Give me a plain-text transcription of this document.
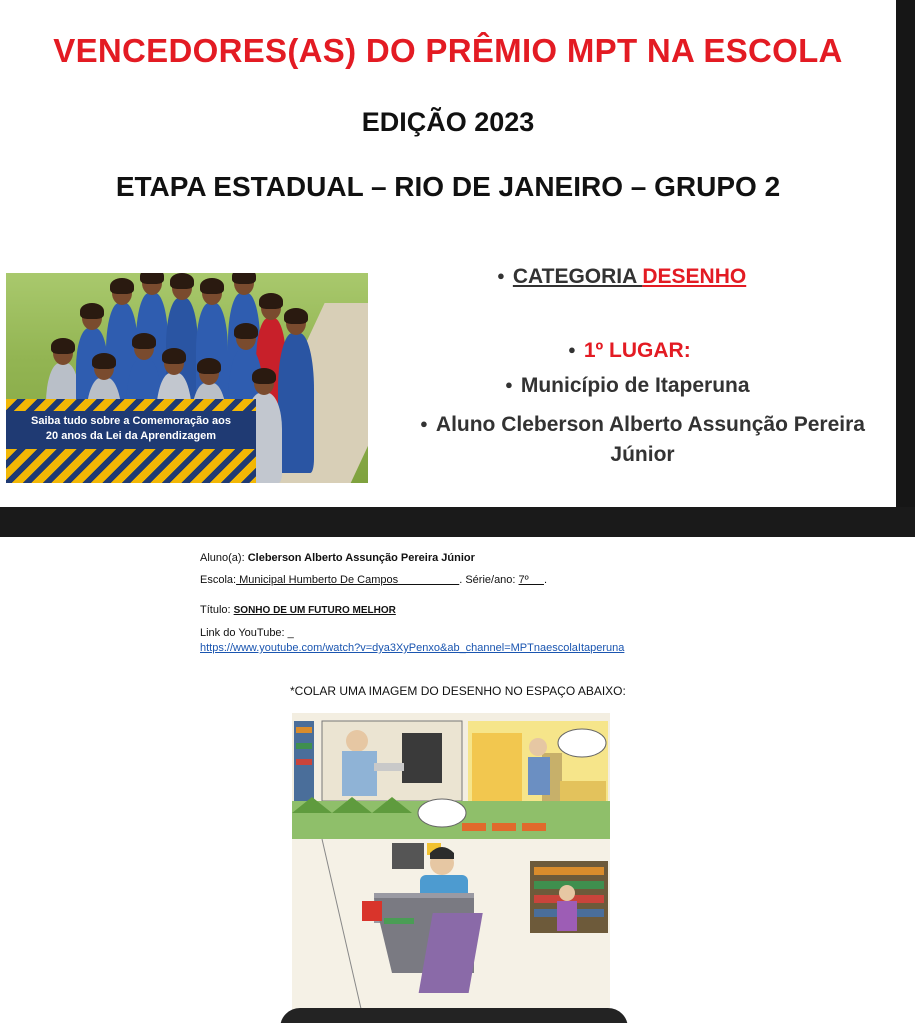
VENCEDORES(AS) DO PRÊMIO MPT NA ESCOLA
EDIÇÃO 2023
ETAPA ESTADUAL – RIO DE JANEIRO – GRUPO 2
Saiba tudo sobre a Comemoração aos
20 anos da Lei da Aprendizagem
● CATEGORIA DESENHO
● 1º LUGAR:
● Município de Itaperuna
● Aluno Cleberson Alberto Assunção Pereira Júnior
Aluno(a): Cleberson Alberto Assunção Pereira Júnior
Escola: Municipal Humberto De Campos                    . Série/ano: 7º     .
Título: SONHO DE UM FUTURO MELHOR
Link do YouTube: _
https://www.youtube.com/watch?v=dya3XyPenxo&ab_channel=MPTnaescolaItaperuna
*COLAR UMA IMAGEM DO DESENHO NO ESPAÇO ABAIXO:
